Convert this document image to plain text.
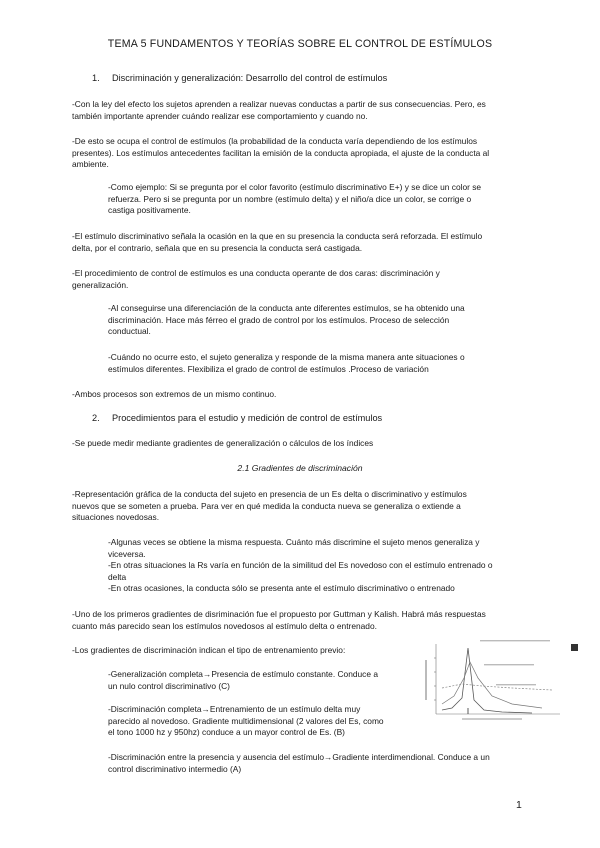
TEMA 5 FUNDAMENTOS Y TEORÍAS SOBRE EL CONTROL DE ESTÍMULOS
1. Discriminación y generalización: Desarrollo del control de estímulos
-Con la ley del efecto los sujetos aprenden a realizar nuevas conductas a partir de sus consecuencias. Pero, es
también importante aprender cuándo realizar ese comportamiento y cuando no.
-De esto se ocupa el control de estímulos (la probabilidad de la conducta varía dependiendo de los estímulos
presentes). Los estímulos antecedentes facilitan la emisión de la conducta apropiada, el ajuste de la conducta al
ambiente.
-Como ejemplo: Si se pregunta por el color favorito (estímulo discriminativo E+) y se dice un color se
refuerza. Pero si se pregunta por un nombre (estímulo delta) y el niño/a dice un color, se corrige o
castiga positivamente.
-El estímulo discriminativo señala la ocasión en la que en su presencia la conducta será reforzada. El estímulo
delta, por el contrario, señala que en su presencia la conducta será castigada.
-El procedimiento de control de estímulos es una conducta operante de dos caras: discriminación y
generalización.
-Al conseguirse una diferenciación de la conducta ante diferentes estímulos, se ha obtenido una
discriminación. Hace más férreo el grado de control por los estímulos. Proceso de selección
conductual.
-Cuándo no ocurre esto, el sujeto generaliza y responde de la misma manera ante situaciones o
estímulos diferentes. Flexibiliza el grado de control de estímulos .Proceso de variación
-Ambos procesos son extremos de un mismo continuo.
2. Procedimientos para el estudio y medición de control de estímulos
-Se puede medir mediante gradientes de generalización o cálculos de los índices
2.1 Gradientes de discriminación
-Representación gráfica de la conducta del sujeto en presencia de un Es delta o discriminativo y estímulos
nuevos que se someten a prueba. Para ver en qué medida la conducta nueva se generaliza o extiende a
situaciones novedosas.
-Algunas veces se obtiene la misma respuesta. Cuánto más discrimine el sujeto menos generaliza y
viceversa.
-En otras situaciones la Rs varía en función de la similitud del Es novedoso con el estímulo entrenado o
delta
-En otras ocasiones, la conducta sólo se presenta ante el estímulo discriminativo o entrenado
-Uno de los primeros gradientes de disriminación fue el propuesto por Guttman y Kalish. Habrá más respuestas
cuanto más parecido sean los estímulos novedosos al estímulo delta o entrenado.
-Los gradientes de discriminación indican el tipo de entrenamiento previo:
-Generalización completa→Presencia de estímulo constante. Conduce a
un nulo control discriminativo (C)
-Discriminación completa→Entrenamiento de un estímulo delta muy
parecido al novedoso. Gradiente multidimensional (2 valores del Es, como
el tono 1000 hz y 950hz) conduce a un mayor control de Es. (B)
-Discriminación entre la presencia y ausencia del estímulo→Gradiente interdimendional. Conduce a un
control discriminativo intermedio (A)
1
